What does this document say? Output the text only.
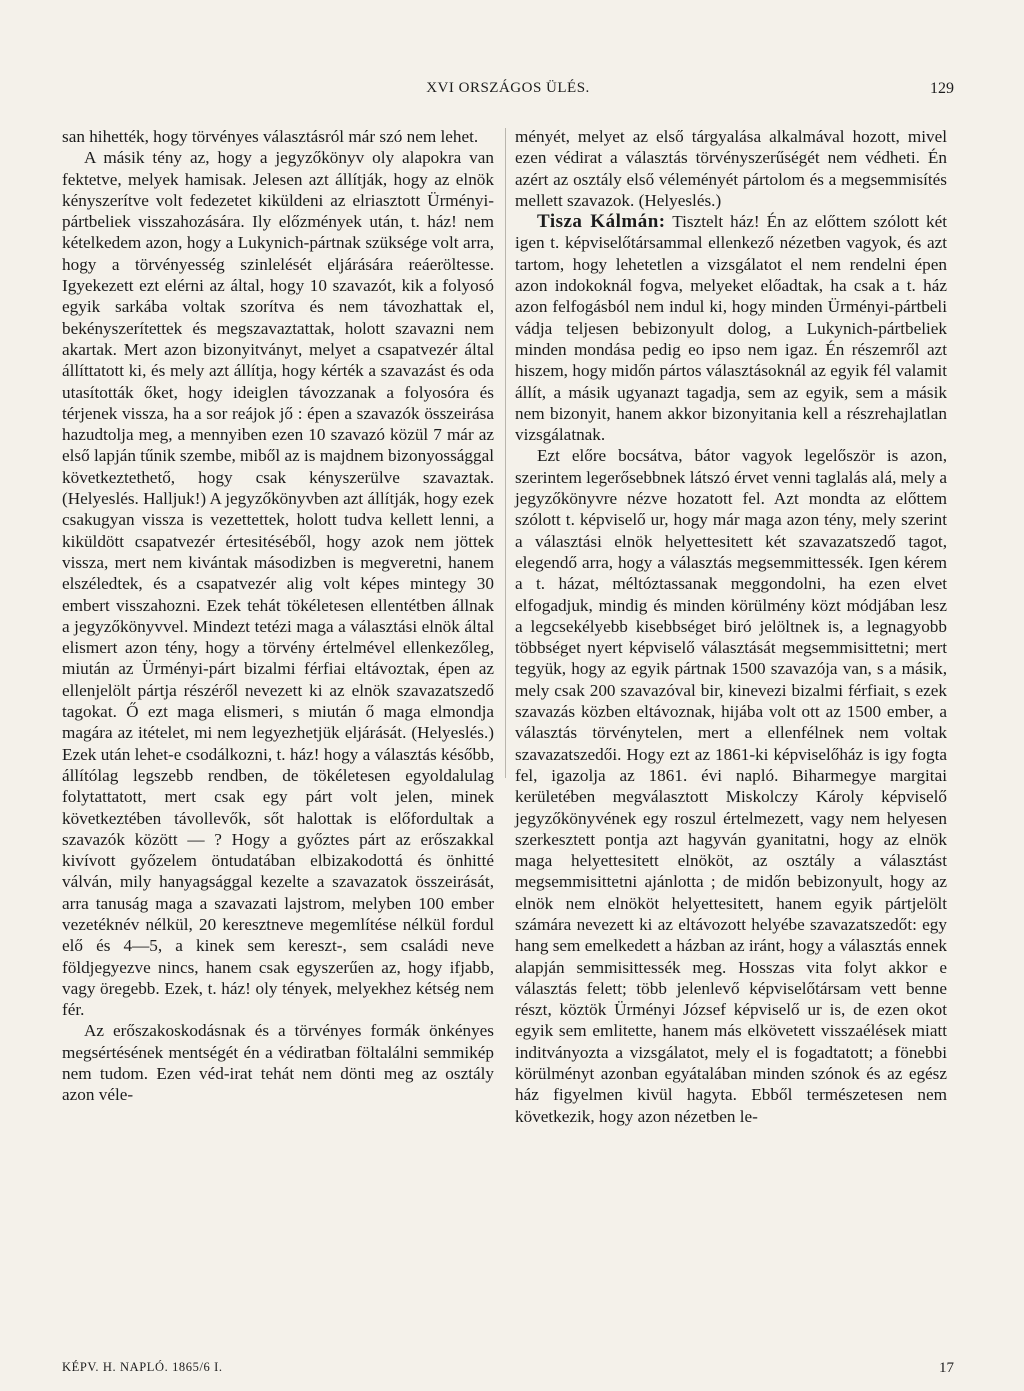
XVI ORSZÁGOS ÜLÉS.	129

san hihették, hogy törvényes választásról már szó nem lehet.

A másik tény az, hogy a jegyzőkönyv oly alapokra van fektetve, melyek hamisak. Jelesen azt állítják, hogy az elnök kényszerítve volt fedezetet kiküldeni az elriasztott Ürményi-pártbeliek visszahozására. Ily előzmények után, t. ház! nem kételkedem azon, hogy a Lukynich-pártnak szüksége volt arra, hogy a törvényesség szinlelését eljárására reáeröltesse. Igyekezett ezt elérni az által, hogy 10 szavazót, kik a folyosó egyik sarkába voltak szorítva és nem távozhattak el, bekényszerítettek és megszavaztattak, holott szavazni nem akartak. Mert azon bizonyitványt, melyet a csapatvezér által állíttatott ki, és mely azt állítja, hogy kérték a szavazást és oda utasították őket, hogy ideiglen távozzanak a folyosóra és térjenek vissza, ha a sor reájok jő : épen a szavazók összeirása hazudtolja meg, a mennyiben ezen 10 szavazó közül 7 már az első lapján tűnik szembe, miből az is majdnem bizonyossággal következtethető, hogy csak kényszerülve szavaztak. (Helyeslés. Halljuk!) A jegyzőkönyvben azt állítják, hogy ezek csakugyan vissza is vezettettek, holott tudva kellett lenni, a kiküldött csapatvezér értesitéséből, hogy azok nem jöttek vissza, mert nem kivántak másodizben is megveretni, hanem elszéledtek, és a csapatvezér alig volt képes mintegy 30 embert visszahozni. Ezek tehát tökéletesen ellentétben állnak a jegyzőkönyvvel. Mindezt tetézi maga a választási elnök által elismert azon tény, hogy a törvény értelmével ellenkezőleg, miután az Ürményi-párt bizalmi férfiai eltávoztak, épen az ellenjelölt pártja részéről nevezett ki az elnök szavazatszedő tagokat. Ő ezt maga elismeri, s miután ő maga elmondja magára az itételet, mi nem legyezhetjük eljárását. (Helyeslés.) Ezek után lehet-e csodálkozni, t. ház! hogy a választás később, állítólag legszebb rendben, de tökéletesen egyoldalulag folytattatott, mert csak egy párt volt jelen, minek következtében távollevők, sőt halottak is előfordultak a szavazók között — ? Hogy a győztes párt az erőszakkal kivívott győzelem öntudatában elbizakodottá és önhitté válván, mily hanyagsággal kezelte a szavazatok összeirását, arra tanuság maga a szavazati lajstrom, melyben 100 ember vezetéknév nélkül, 20 keresztneve megemlítése nélkül fordul elő és 4—5, a kinek sem kereszt-, sem családi neve földjegyezve nincs, hanem csak egyszerűen az, hogy ifjabb, vagy öregebb. Ezek, t. ház! oly tények, melyekhez kétség nem fér.

Az erőszakoskodásnak és a törvényes formák önkényes megsértésének mentségét én a védiratban föltalálni semmikép nem tudom. Ezen véd-irat tehát nem dönti meg az osztály azon véle-

ményét, melyet az első tárgyalása alkalmával hozott, mivel ezen védirat a választás törvényszerűségét nem védheti. Én azért az osztály első véleményét pártolom és a megsemmisítés mellett szavazok. (Helyeslés.)

Tisza Kálmán: Tisztelt ház! Én az előttem szólott két igen t. képviselőtársammal ellenkező nézetben vagyok, és azt tartom, hogy lehetetlen a vizsgálatot el nem rendelni épen azon indokoknál fogva, melyeket előadtak, ha csak a t. ház azon felfogásból nem indul ki, hogy minden Ürményi-pártbeli vádja teljesen bebizonyult dolog, a Lukynich-pártbeliek minden mondása pedig eo ipso nem igaz. Én részemről azt hiszem, hogy midőn pártos választásoknál az egyik fél valamit állít, a másik ugyanazt tagadja, sem az egyik, sem a másik nem bizonyit, hanem akkor bizonyitania kell a részrehajlatlan vizsgálatnak.

Ezt előre bocsátva, bátor vagyok legelőször is azon, szerintem legerősebbnek látszó érvet venni taglalás alá, mely a jegyzőkönyvre nézve hozatott fel. Azt mondta az előttem szólott t. képviselő ur, hogy már maga azon tény, mely szerint a választási elnök helyettesitett két szavazatszedő tagot, elegendő arra, hogy a választás megsemmittessék. Igen kérem a t. házat, méltóztassanak meggondolni, ha ezen elvet elfogadjuk, mindig és minden körülmény közt módjában lesz a legcsekélyebb kisebbséget biró jelöltnek is, a legnagyobb többséget nyert képviselő választását megsemmisittetni; mert tegyük, hogy az egyik pártnak 1500 szavazója van, s a másik, mely csak 200 szavazóval bir, kinevezi bizalmi férfiait, s ezek szavazás közben eltávoznak, hijába volt ott az 1500 ember, a választás törvénytelen, mert a ellenfélnek nem voltak szavazatszedői. Hogy ezt az 1861-ki képviselőház is igy fogta fel, igazolja az 1861. évi napló. Biharmegye margitai kerületében megválasztott Miskolczy Károly képviselő jegyzőkönyvének egy roszul értelmezett, vagy nem helyesen szerkesztett pontja azt hagyván gyanitatni, hogy az elnök maga helyettesitett elnököt, az osztály a választást megsemmisittetni ajánlotta ; de midőn bebizonyult, hogy az elnök nem elnököt helyettesitett, hanem egyik pártjelölt számára nevezett ki az eltávozott helyébe szavazatszedőt: egy hang sem emelkedett a házban az iránt, hogy a választás ennek alapján semmisittessék meg. Hosszas vita folyt akkor e választás felett; több jelenlevő képviselőtársam vett benne részt, köztök Ürményi József képviselő ur is, de ezen okot egyik sem emlitette, hanem más elkövetett visszaélések miatt inditványozta a vizsgálatot, mely el is fogadtatott; a fönebbi körülményt azonban egyátalában minden szónok és az egész ház figyelmen kivül hagyta. Ebből természetesen nem következik, hogy azon nézetben le-

KÉPV. H. NAPLÓ. 1865/6 I.	17
